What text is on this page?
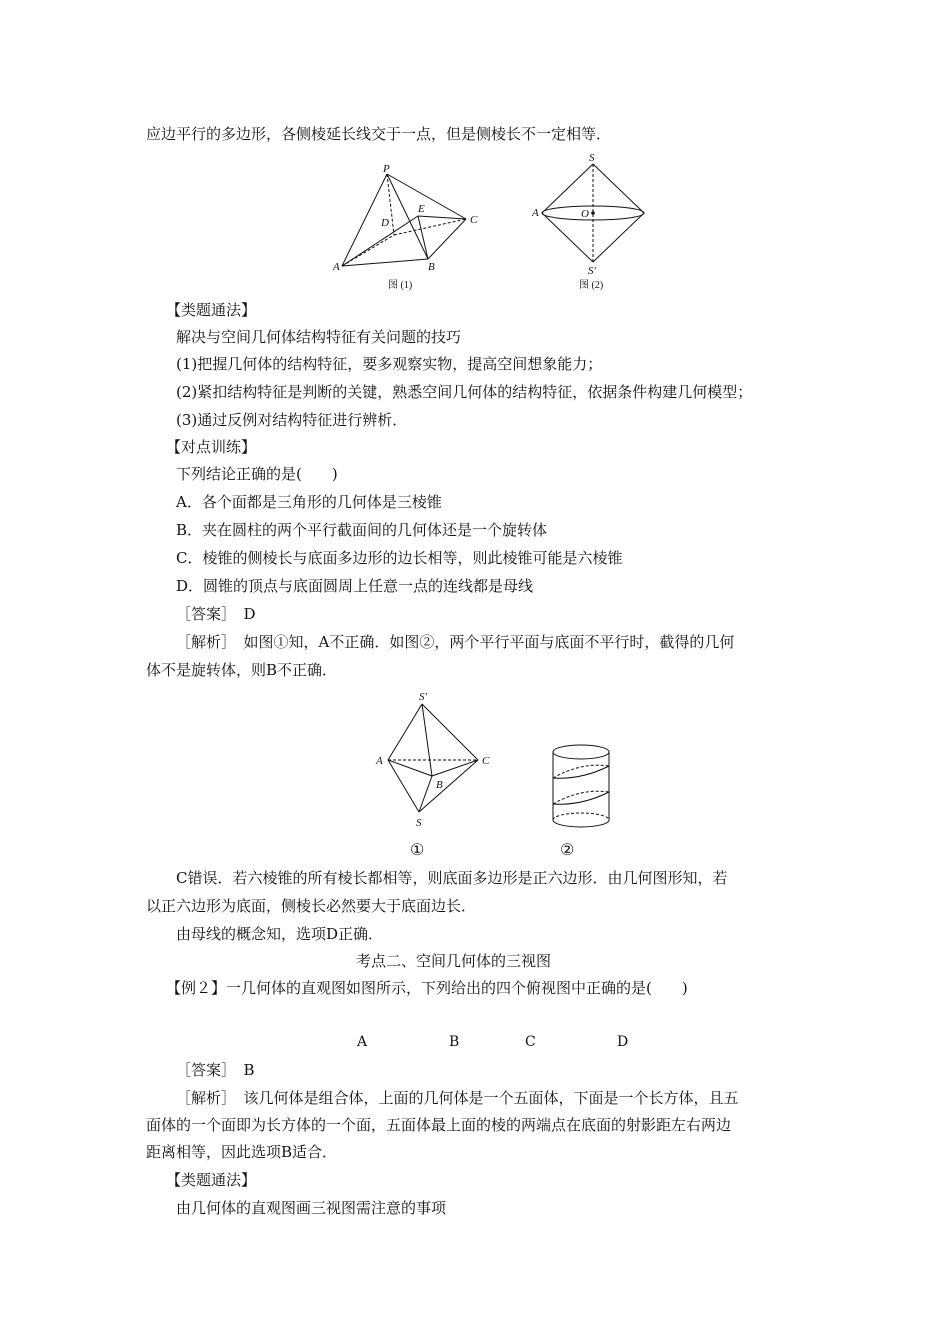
应边平行的多边形，各侧棱延长线交于一点，但是侧棱长不一定相等．
P
D
E
C
A	B
图 (1)
S
A	O
S′
图 (2)
【类题通法】
解决与空间几何体结构特征有关问题的技巧
(1)把握几何体的结构特征，要多观察实物，提高空间想象能力；
(2)紧扣结构特征是判断的关键，熟悉空间几何体的结构特征，依据条件构建几何模型；
(3)通过反例对结构特征进行辨析．
【对点训练】
下列结论正确的是(　　)
A．各个面都是三角形的几何体是三棱锥
B．夹在圆柱的两个平行截面间的几何体还是一个旋转体
C．棱锥的侧棱长与底面多边形的边长相等，则此棱锥可能是六棱锥
D．圆锥的顶点与底面圆周上任意一点的连线都是母线
［答案］　D
［解析］　如图①知，A不正确．如图②，两个平行平面与底面不平行时，截得的几何
体不是旋转体，则B不正确．
S′
A	C
B
S
①	②
C错误．若六棱锥的所有棱长都相等，则底面多边形是正六边形．由几何图形知，若
以正六边形为底面，侧棱长必然要大于底面边长．
由母线的概念知，选项D正确．
考点二、空间几何体的三视图
【例２】一几何体的直观图如图所示，下列给出的四个俯视图中正确的是(　　)
A	B	C	D
［答案］　B
［解析］　该几何体是组合体，上面的几何体是一个五面体，下面是一个长方体，且五
面体的一个面即为长方体的一个面，五面体最上面的棱的两端点在底面的射影距左右两边
距离相等，因此选项B适合．
【类题通法】
由几何体的直观图画三视图需注意的事项
